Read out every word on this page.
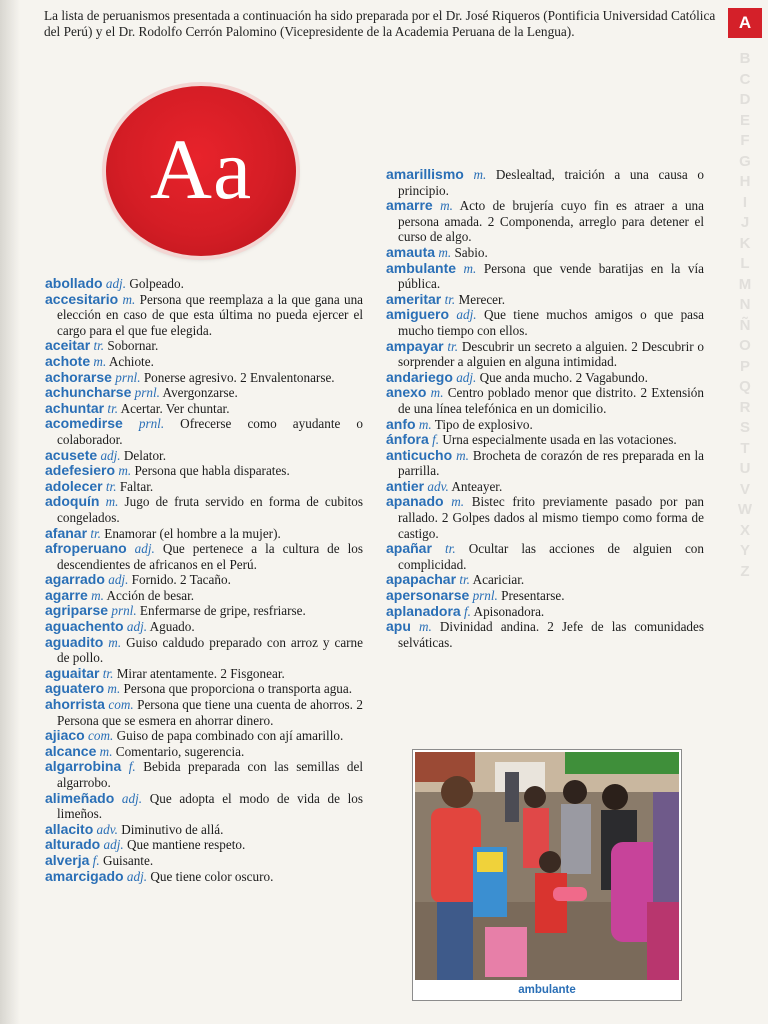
La lista de peruanismos presentada a continuación ha sido preparada por el Dr. José Riqueros (Pontificia Universidad Católica del Perú) y el Dr. Rodolfo Cerrón Palomino (Vicepresidente de la Academia Peruana de la Lengua).	A
B
C
D
E
F
G
H
I
J
K
L
M
N
Ñ
O
P
Q
R
S
T
U
V
W
X
Y
Z
Aa
abollado adj. Golpeado.
accesitario m. Persona que reemplaza a la que gana una elección en caso de que esta última no pueda ejercer el cargo para el que fue elegida.
aceitar tr. Sobornar.
achote m. Achiote.
achorarse prnl. Ponerse agresivo. 2 Envalentonarse.
achuncharse prnl. Avergonzarse.
achuntar tr. Acertar. Ver chuntar.
acomedirse prnl. Ofrecerse como ayudante o colaborador.
acusete adj. Delator.
adefesiero m. Persona que habla disparates.
adolecer tr. Faltar.
adoquín m. Jugo de fruta servido en forma de cubitos congelados.
afanar tr. Enamorar (el hombre a la mujer).
afroperuano adj. Que pertenece a la cultura de los descendientes de africanos en el Perú.
agarrado adj. Fornido. 2 Tacaño.
agarre m. Acción de besar.
agriparse prnl. Enfermarse de gripe, resfriarse.
aguachento adj. Aguado.
aguadito m. Guiso caldudo preparado con arroz y carne de pollo.
aguaitar tr. Mirar atentamente. 2 Fisgonear.
aguatero m. Persona que proporciona o transporta agua.
ahorrista com. Persona que tiene una cuenta de ahorros. 2 Persona que se esmera en ahorrar dinero.
ajiaco com. Guiso de papa combinado con ají amarillo.
alcance m. Comentario, sugerencia.
algarrobina f. Bebida preparada con las semillas del algarrobo.
alimeñado adj. Que adopta el modo de vida de los limeños.
allacito adv. Diminutivo de allá.
alturado adj. Que mantiene respeto.
alverja f. Guisante.
amarcigado adj. Que tiene color oscuro.
amarillismo m. Deslealtad, traición a una causa o principio.
amarre m. Acto de brujería cuyo fin es atraer a una persona amada. 2 Componenda, arreglo para detener el curso de algo.
amauta m. Sabio.
ambulante m. Persona que vende baratijas en la vía pública.
ameritar tr. Merecer.
amiguero adj. Que tiene muchos amigos o que pasa mucho tiempo con ellos.
ampayar tr. Descubrir un secreto a alguien. 2 Descubrir o sorprender a alguien en alguna intimidad.
andariego adj. Que anda mucho. 2 Vagabundo.
anexo m. Centro poblado menor que distrito. 2 Extensión de una línea telefónica en un domicilio.
anfo m. Tipo de explosivo.
ánfora f. Urna especialmente usada en las votaciones.
anticucho m. Brocheta de corazón de res preparada en la parrilla.
antier adv. Anteayer.
apanado m. Bistec frito previamente pasado por pan rallado. 2 Golpes dados al mismo tiempo como forma de castigo.
apañar tr. Ocultar las acciones de alguien con complicidad.
apapachar tr. Acariciar.
apersonarse prnl. Presentarse.
aplanadora f. Apisonadora.
apu m. Divinidad andina. 2 Jefe de las comunidades selváticas.
ambulante
